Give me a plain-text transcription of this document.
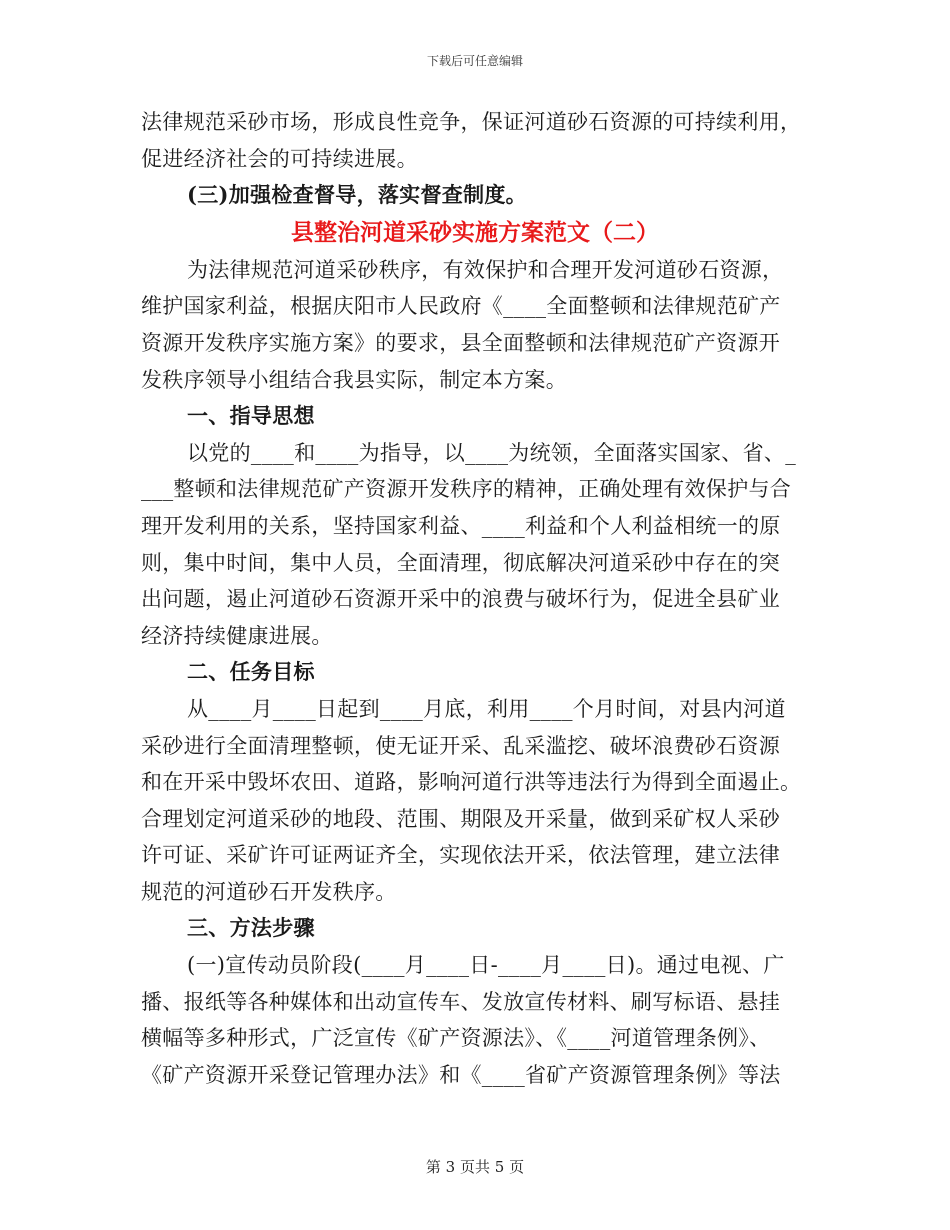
下载后可任意编辑

法律规范采砂市场，形成良性竞争，保证河道砂石资源的可持续利用，
促进经济社会的可持续进展。

(三)加强检查督导，落实督查制度。

县整治河道采砂实施方案范文（二）

为法律规范河道采砂秩序，有效保护和合理开发河道砂石资源，
维护国家利益，根据庆阳市人民政府《____全面整顿和法律规范矿产
资源开发秩序实施方案》的要求，县全面整顿和法律规范矿产资源开
发秩序领导小组结合我县实际，制定本方案。

一、指导思想

以党的____和____为指导，以____为统领，全面落实国家、省、_
___整顿和法律规范矿产资源开发秩序的精神，正确处理有效保护与合
理开发利用的关系，坚持国家利益、____利益和个人利益相统一的原
则，集中时间，集中人员，全面清理，彻底解决河道采砂中存在的突
出问题，遏止河道砂石资源开采中的浪费与破坏行为，促进全县矿业
经济持续健康进展。

二、任务目标

从____月____日起到____月底，利用____个月时间，对县内河道
采砂进行全面清理整顿，使无证开采、乱采滥挖、破坏浪费砂石资源
和在开采中毁坏农田、道路，影响河道行洪等违法行为得到全面遏止。
合理划定河道采砂的地段、范围、期限及开采量，做到采矿权人采砂
许可证、采矿许可证两证齐全，实现依法开采，依法管理，建立法律
规范的河道砂石开发秩序。

三、方法步骤

(一)宣传动员阶段(____月____日-____月____日)。通过电视、广
播、报纸等各种媒体和出动宣传车、发放宣传材料、刷写标语、悬挂
横幅等多种形式，广泛宣传《矿产资源法》、《____河道管理条例》、
《矿产资源开采登记管理办法》和《____省矿产资源管理条例》等法

第 3 页共 5 页
